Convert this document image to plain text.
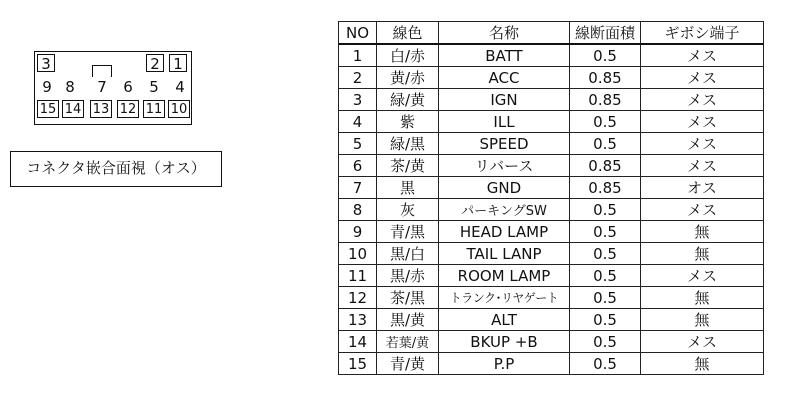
3	2 1
9 8 7 6 5 4
15 14 13 12 11 10
コネクタ嵌合面視（オス）
NO	線色	名称	線断面積	ギボシ端子
1	白/赤	BATT	0.5	メス
2	黄/赤	ACC	0.85	メス
3	緑/黄	IGN	0.85	メス
4	紫	ILL	0.5	メス
5	緑/黒	SPEED	0.5	メス
6	茶/黄	リバース	0.85	メス
7	黒	GND	0.85	オス
8	灰	パーキングSW	0.5	メス
9	青/黒	HEAD LAMP	0.5	無
10	黒/白	TAIL LANP	0.5	無
11	黒/赤	ROOM LAMP	0.5	メス
12	茶/黒	トランク･リヤゲート	0.5	無
13	黒/黄	ALT	0.5	無
14	若葉/黄	BKUP +B	0.5	メス
15	青/黄	P.P	0.5	無
